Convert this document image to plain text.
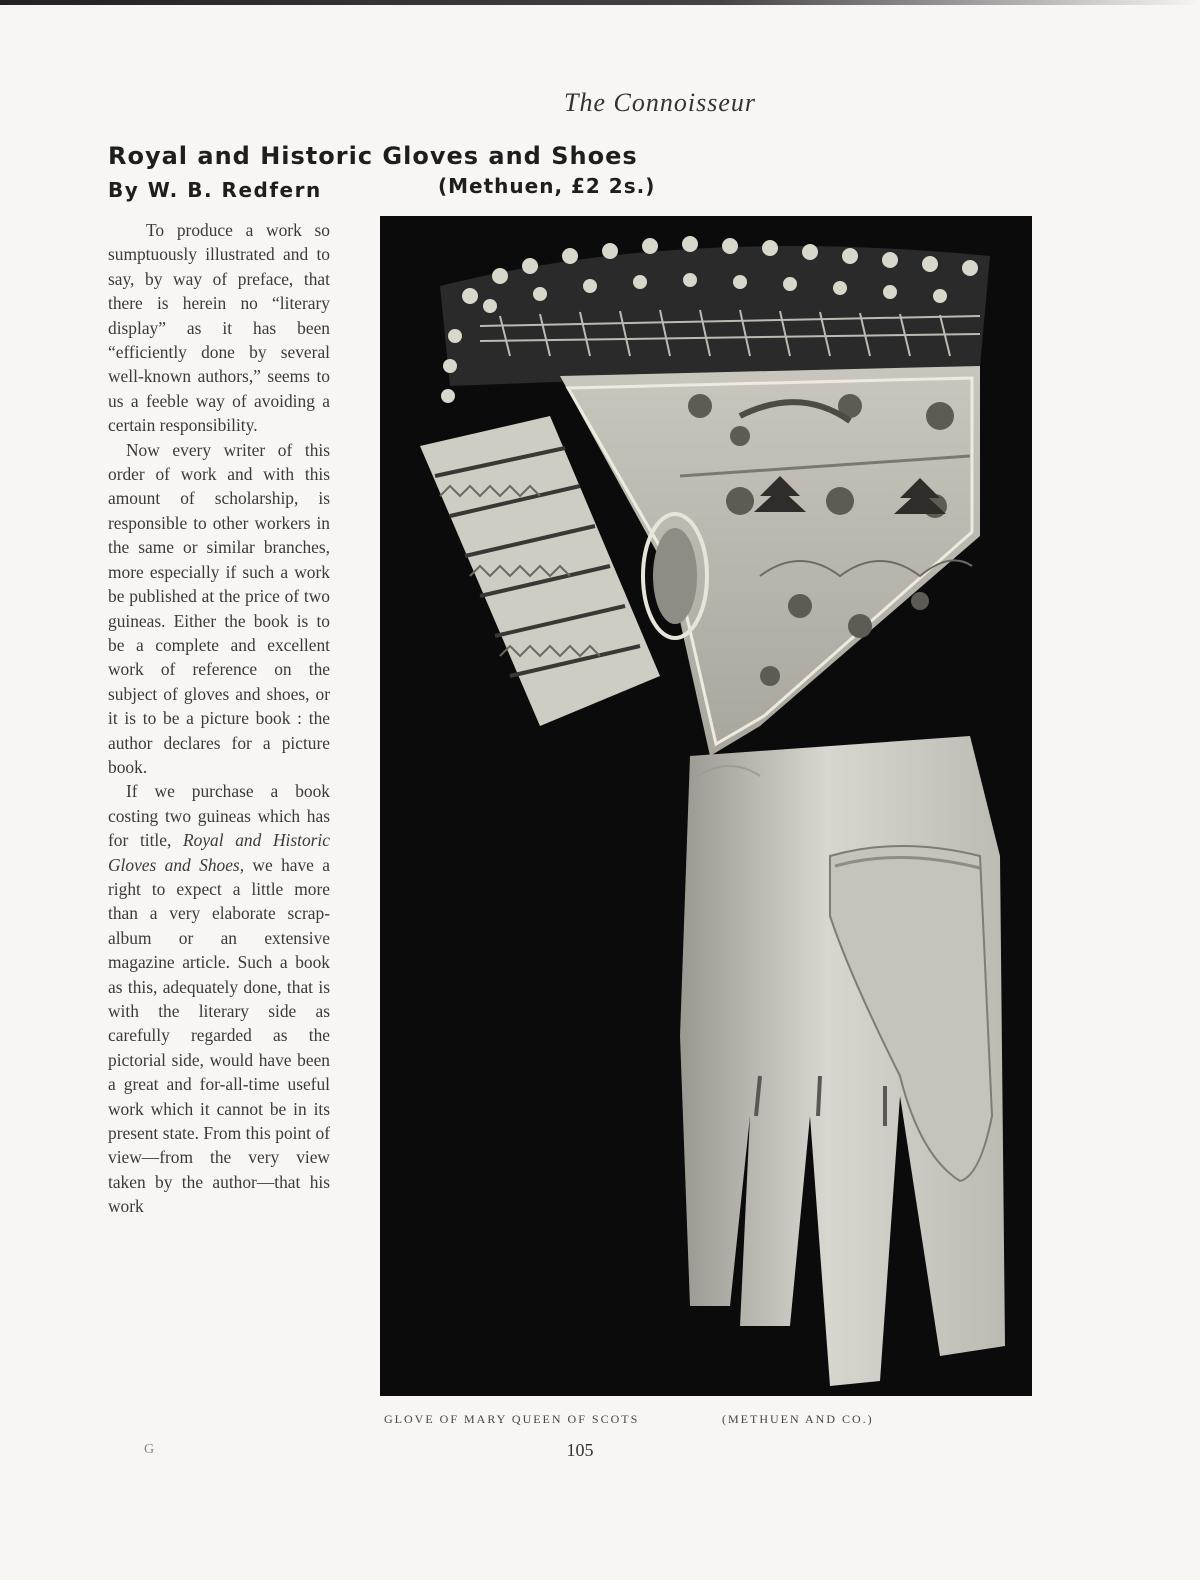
The Connoisseur
Royal and Historic Gloves and Shoes
By W. B. Redfern	(Methuen, £2 2s.)

To produce a work so sumptuously illustrated and to say, by way of preface, that there is herein no “literary display” as it has been “efficiently done by several well-known authors,” seems to us a feeble way of avoiding a certain responsibility.

Now every writer of this order of work and with this amount of scholarship, is responsible to other workers in the same or similar branches, more especially if such a work be published at the price of two guineas. Either the book is to be a complete and excellent work of reference on the subject of gloves and shoes, or it is to be a picture book : the author declares for a picture book.

If we purchase a book costing two guineas which has for title, Royal and Historic Gloves and Shoes, we have a right to expect a little more than a very elaborate scrap-album or an extensive magazine article. Such a book as this, adequately done, that is with the literary side as carefully regarded as the pictorial side, would have been a great and for-all-time useful work which it cannot be in its present state. From this point of view—from the very view taken by the author—that his work

GLOVE OF MARY QUEEN OF SCOTS	(METHUEN AND CO.)
G	105
